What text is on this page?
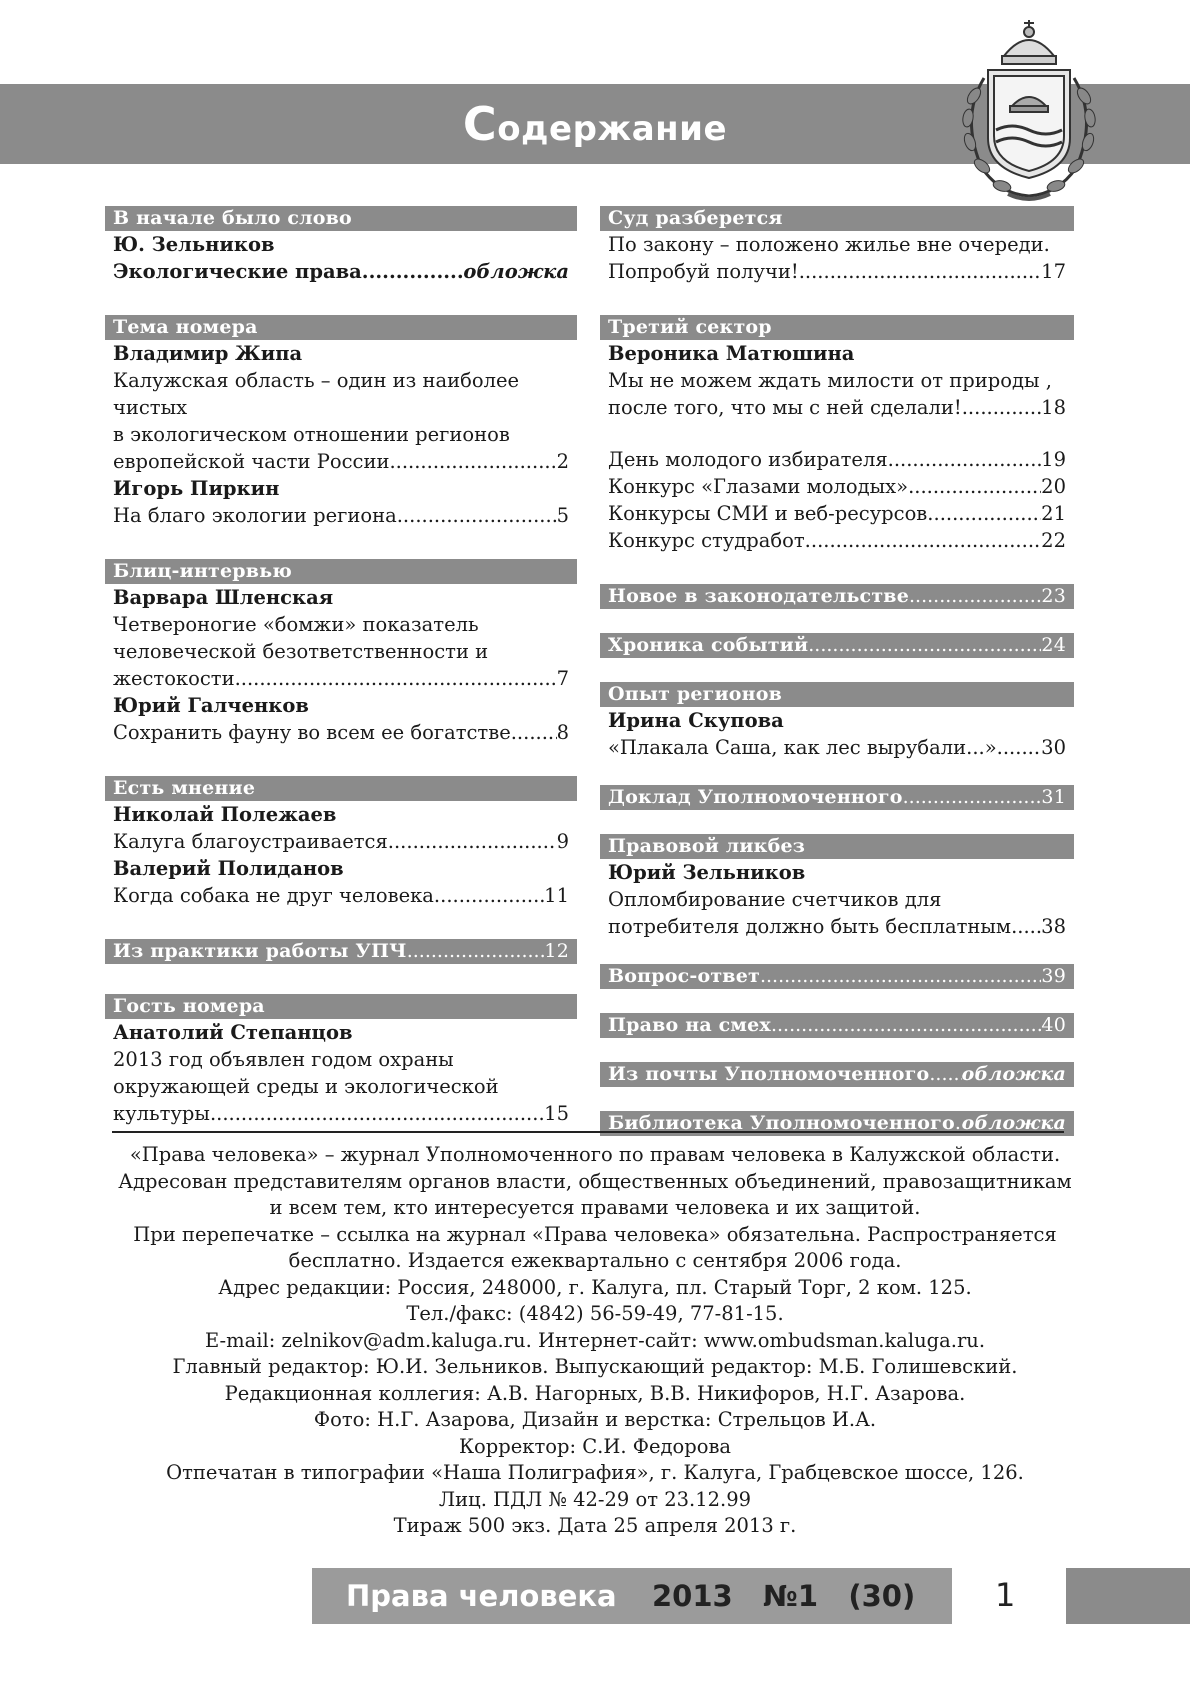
Содержание
В начале было слово
Ю. Зельников
Экологические права .....	обложка
Тема номера
Владимир Жипа
Калужская область – один из наиболее чистых
в экологическом отношении регионов
европейской части России .....	2
Игорь Пиркин
На благо экологии региона .....	5
Блиц-интервью
Варвара Шленская
Четвероногие «бомжи» показатель
человеческой безответственности и
жестокости .....	7
Юрий Галченков
Сохранить фауну во всем ее богатстве ..... 8
Есть мнение
Николай Полежаев
Калуга благоустраивается .....	9
Валерий Полиданов
Когда собака не друг человека .....	11
Из практики работы УПЧ .....	12
Гость номера
Анатолий Степанцов
2013 год объявлен годом охраны
окружающей среды и экологической
культуры .....	15
Суд разберется
По закону – положено жилье вне очереди.
Попробуй получи! .....	17
Третий сектор
Вероника Матюшина
Мы не можем ждать милости от природы ,
после того, что мы с ней сделали! .....	18
День молодого избирателя .....	19
Конкурс «Глазами молодых» .....	20
Конкурсы СМИ и веб-ресурсов .....	21
Конкурс студработ .....	22
Новое в законодательстве .....	23
Хроника событий .....	24
Опыт регионов
Ирина Скупова
«Плакала Саша, как лес вырубали...» ..... 30
Доклад Уполномоченного .....	31
Правовой ликбез
Юрий Зельников
Опломбирование счетчиков для
потребителя должно быть бесплатным ..... 38
Вопрос-ответ .....	39
Право на смех .....	40
Из почты Уполномоченного ..... обложка
Библиотека Уполномоченного ..... обложка
«Права человека» – журнал Уполномоченного по правам человека в Калужской области.
Адресован представителям органов власти, общественных объединений, правозащитникам
и всем тем, кто интересуется правами человека и их защитой.
При перепечатке – ссылка на журнал «Права человека» обязательна. Распространяется
бесплатно. Издается ежеквартально с сентября 2006 года.
Адрес редакции: Россия, 248000, г. Калуга, пл. Старый Торг, 2 ком. 125.
Тел./факс: (4842) 56-59-49, 77-81-15.
E-mail: zelnikov@adm.kaluga.ru. Интернет-сайт: www.ombudsman.kaluga.ru.
Главный редактор: Ю.И. Зельников. Выпускающий редактор: М.Б. Голишевский.
Редакционная коллегия: А.В. Нагорных, В.В. Никифоров, Н.Г. Азарова.
Фото: Н.Г. Азарова, Дизайн и верстка: Стрельцов И.А.
Корректор: С.И. Федорова
Отпечатан в типографии «Наша Полиграфия», г. Калуга, Грабцевское шоссе, 126.
Лиц. ПДЛ № 42-29 от 23.12.99
Тираж 500 экз. Дата 25 апреля 2013 г.
Права человека 2013   №1   (30) 1
